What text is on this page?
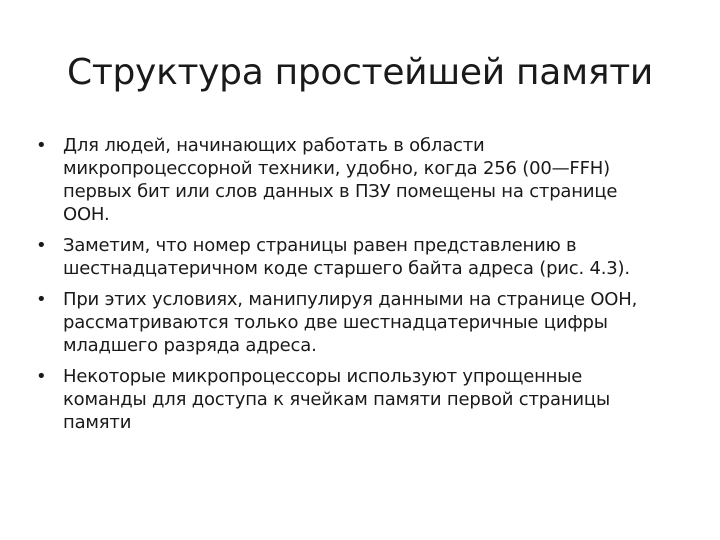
Структура простейшей памяти
• Для людей, начинающих работать в области микропроцессорной техники, удобно, когда 256 (00—FFH) первых бит или слов данных в ПЗУ помещены на странице OOH.
• Заметим, что номер страницы равен представлению в шестнадцатеричном коде старшего байта адреса (рис. 4.3).
• При этих условиях, манипулируя данными на странице OOH, рассматриваются только две шестнадцатеричные цифры младшего разряда адреса.
• Некоторые микропроцессоры используют упрощенные команды для доступа к ячейкам памяти первой страницы памяти
